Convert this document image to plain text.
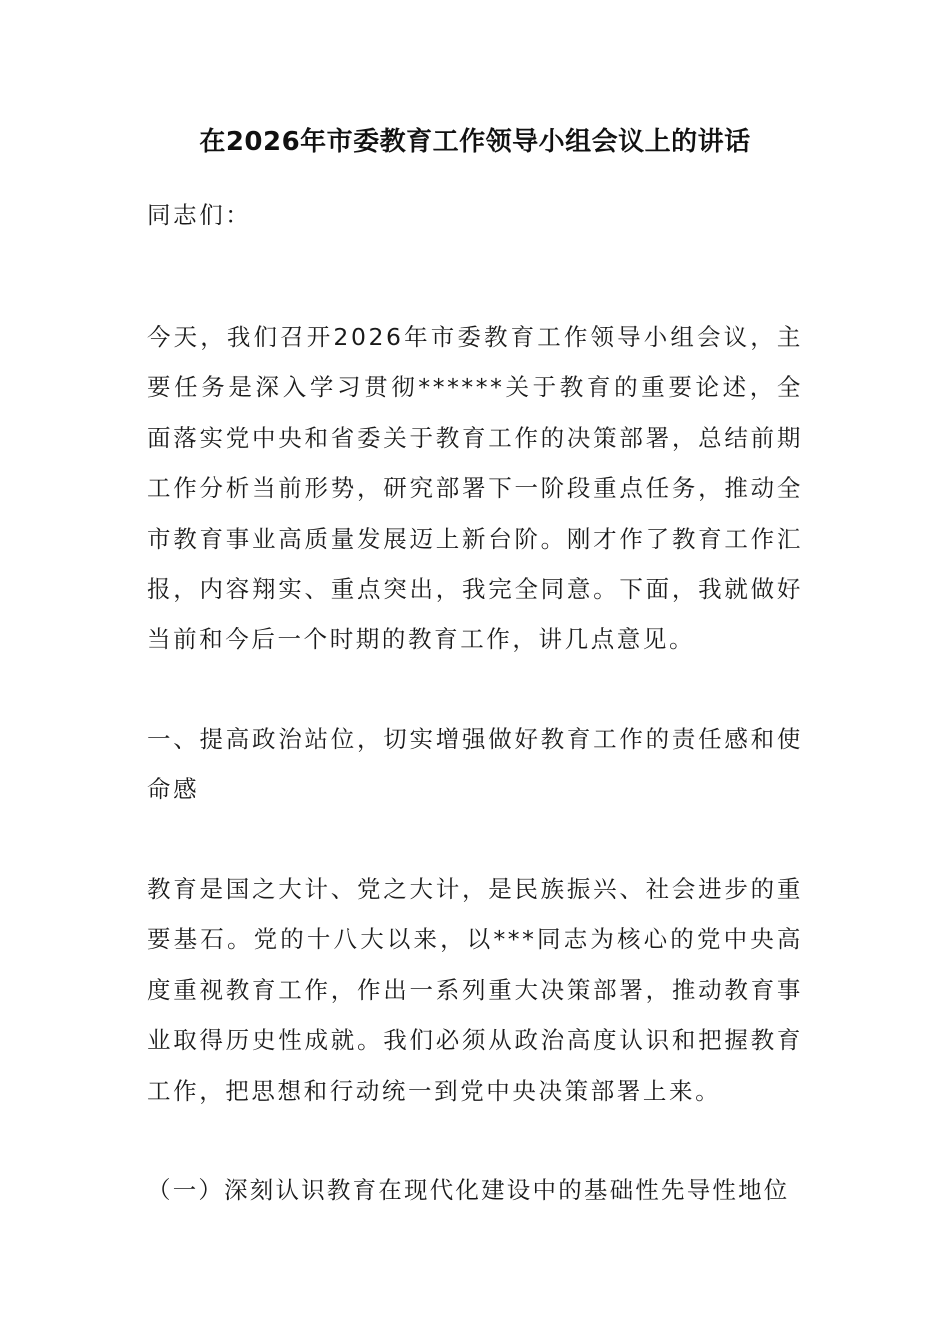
在2026年市委教育工作领导小组会议上的讲话

同志们：

今天，我们召开2026年市委教育工作领导小组会议，主要任务是深入学习贯彻******关于教育的重要论述，全面落实党中央和省委关于教育工作的决策部署，总结前期工作分析当前形势，研究部署下一阶段重点任务，推动全市教育事业高质量发展迈上新台阶。刚才作了教育工作汇报，内容翔实、重点突出，我完全同意。下面，我就做好当前和今后一个时期的教育工作，讲几点意见。

一、提高政治站位，切实增强做好教育工作的责任感和使命感

教育是国之大计、党之大计，是民族振兴、社会进步的重要基石。党的十八大以来，以***同志为核心的党中央高度重视教育工作，作出一系列重大决策部署，推动教育事业取得历史性成就。我们必须从政治高度认识和把握教育工作，把思想和行动统一到党中央决策部署上来。

（一）深刻认识教育在现代化建设中的基础性先导性地位
